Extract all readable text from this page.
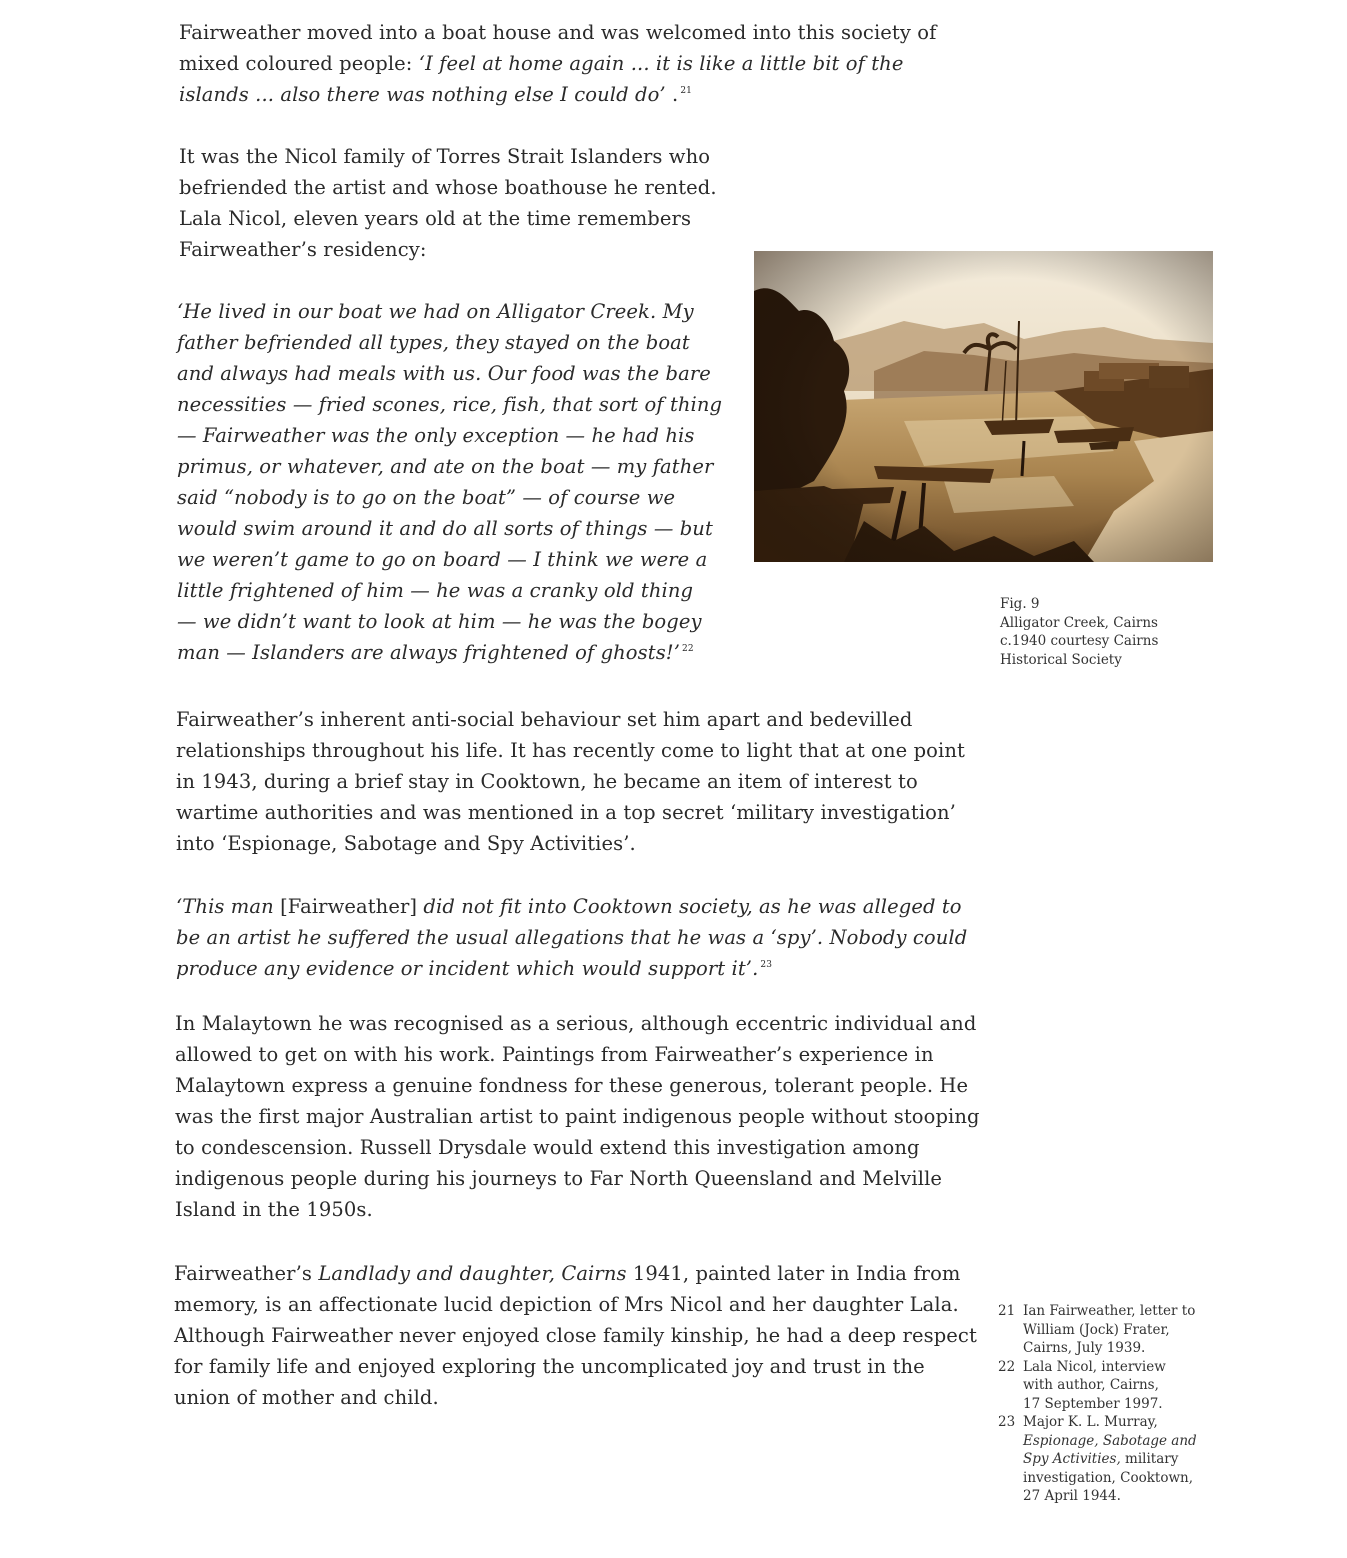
Fairweather moved into a boat house and was welcomed into this society of
mixed coloured people: ‘I feel at home again ... it is like a little bit of the
islands ... also there was nothing else I could do’ . $^{21}$

It was the Nicol family of Torres Strait Islanders who
befriended the artist and whose boathouse he rented.
Lala Nicol, eleven years old at the time remembers
Fairweather’s residency:

‘He lived in our boat we had on Alligator Creek. My
father befriended all types, they stayed on the boat
and always had meals with us. Our food was the bare
necessities — fried scones, rice, fish, that sort of thing
— Fairweather was the only exception — he had his
primus, or whatever, and ate on the boat — my father
said “nobody is to go on the boat” — of course we
would swim around it and do all sorts of things — but
we weren’t game to go on board — I think we were a
little frightened of him — he was a cranky old thing
— we didn’t want to look at him — he was the bogey
man — Islanders are always frightened of ghosts!’ $^{22}$

Fig. 9
Alligator Creek, Cairns
c.1940 courtesy Cairns
Historical Society

Fairweather’s inherent anti-social behaviour set him apart and bedevilled
relationships throughout his life. It has recently come to light that at one point
in 1943, during a brief stay in Cooktown, he became an item of interest to
wartime authorities and was mentioned in a top secret ‘military investigation’
into ‘Espionage, Sabotage and Spy Activities’.

‘This man [Fairweather] did not fit into Cooktown society, as he was alleged to
be an artist he suffered the usual allegations that he was a ‘spy’. Nobody could
produce any evidence or incident which would support it’. $^{23}$

In Malaytown he was recognised as a serious, although eccentric individual and
allowed to get on with his work. Paintings from Fairweather’s experience in
Malaytown express a genuine fondness for these generous, tolerant people. He
was the first major Australian artist to paint indigenous people without stooping
to condescension. Russell Drysdale would extend this investigation among
indigenous people during his journeys to Far North Queensland and Melville
Island in the 1950s.

Fairweather’s Landlady and daughter, Cairns 1941, painted later in India from
memory, is an affectionate lucid depiction of Mrs Nicol and her daughter Lala.
Although Fairweather never enjoyed close family kinship, he had a deep respect
for family life and enjoyed exploring the uncomplicated joy and trust in the
union of mother and child.

21 Ian Fairweather, letter to
William (Jock) Frater,
Cairns, July 1939.
22 Lala Nicol, interview
with author, Cairns,
17 September 1997.
23 Major K. L. Murray,
Espionage, Sabotage and
Spy Activities, military
investigation, Cooktown,
27 April 1944.
